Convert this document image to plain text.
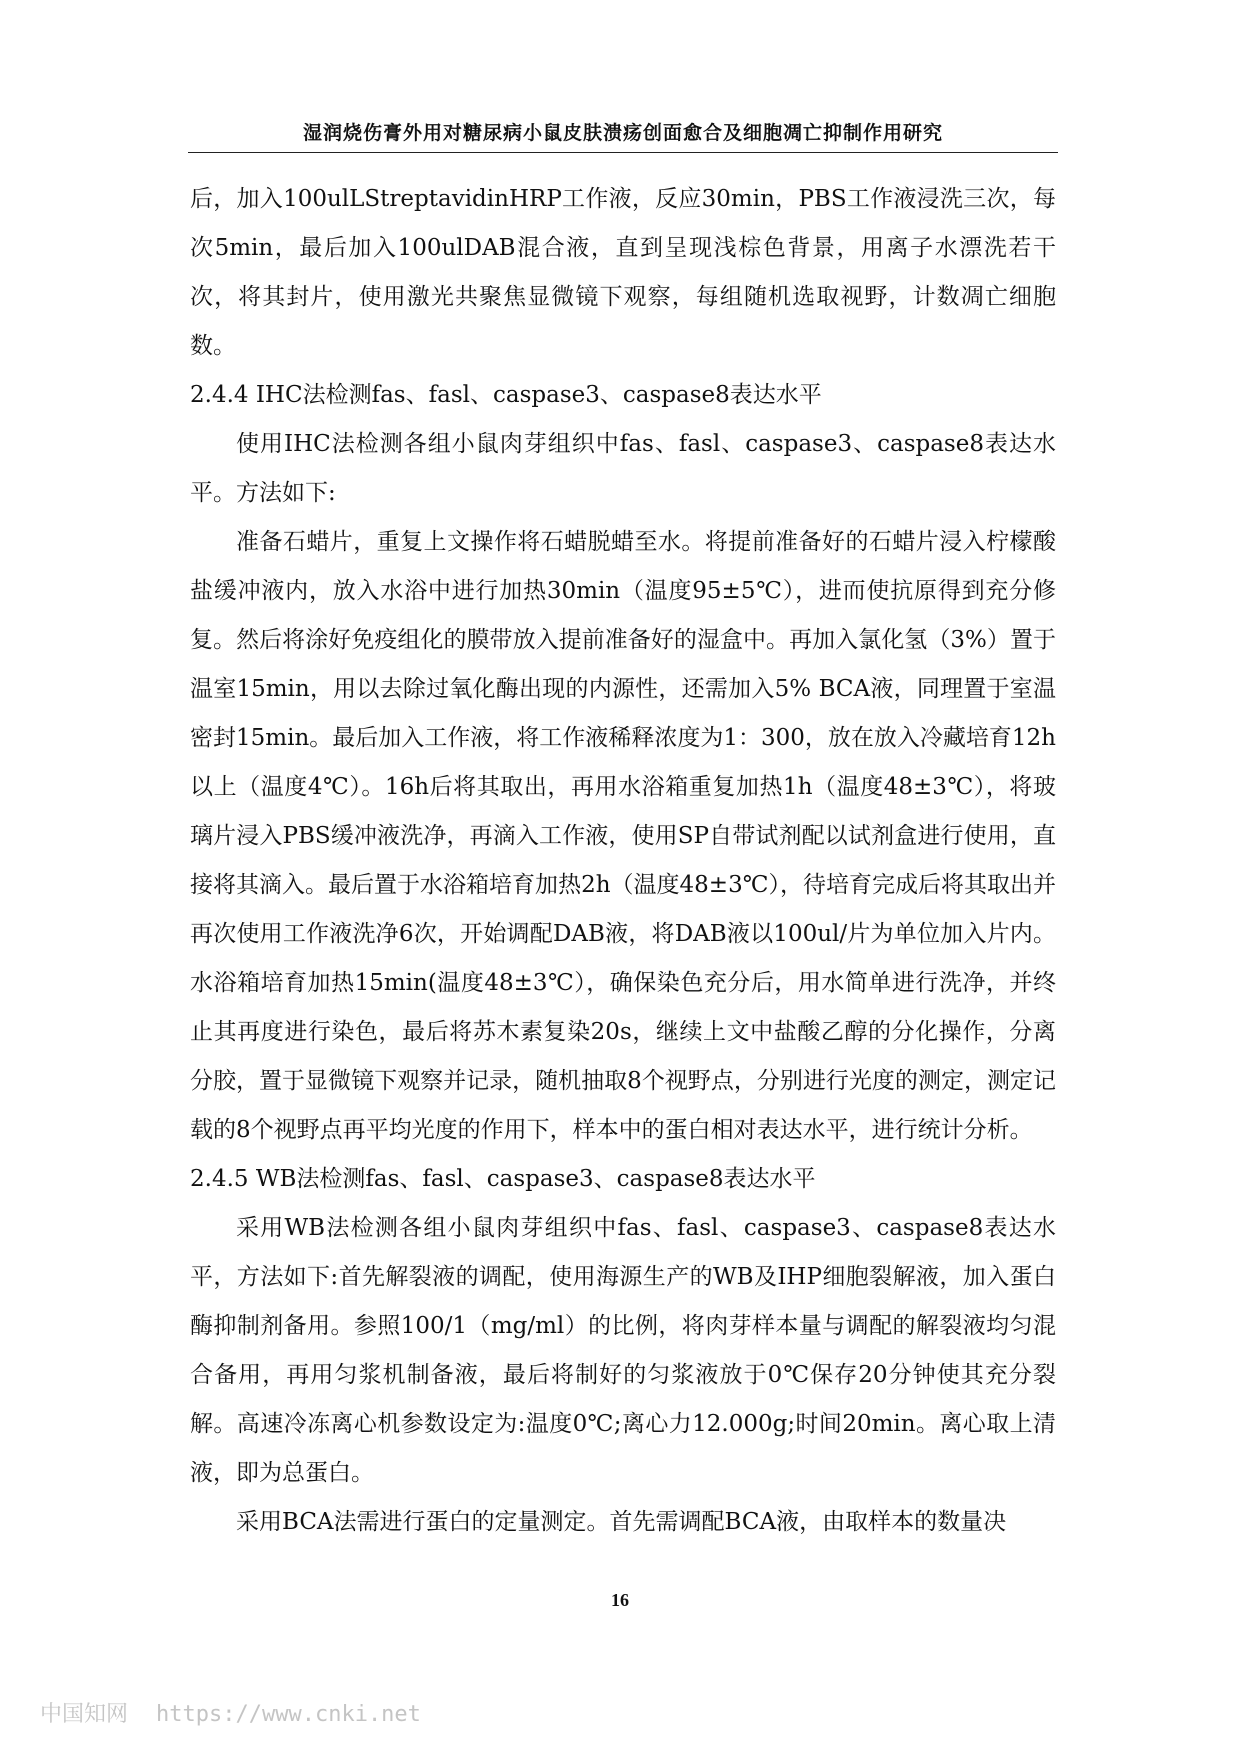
湿润烧伤膏外用对糖尿病小鼠皮肤溃疡创面愈合及细胞凋亡抑制作用研究

后，加入100ulLStreptavidinHRP工作液，反应30min，PBS工作液浸洗三次，每次5min，最后加入100ulDAB混合液，直到呈现浅棕色背景，用离子水漂洗若干次，将其封片，使用激光共聚焦显微镜下观察，每组随机选取视野，计数凋亡细胞数。

2.4.4 IHC法检测fas、fasl、caspase3、caspase8表达水平

使用IHC法检测各组小鼠肉芽组织中fas、fasl、caspase3、caspase8表达水平。方法如下:

准备石蜡片，重复上文操作将石蜡脱蜡至水。将提前准备好的石蜡片浸入柠檬酸盐缓冲液内，放入水浴中进行加热30min（温度95±5℃），进而使抗原得到充分修复。然后将涂好免疫组化的膜带放入提前准备好的湿盒中。再加入氯化氢（3%）置于温室15min，用以去除过氧化酶出现的内源性，还需加入5% BCA液，同理置于室温密封15min。最后加入工作液，将工作液稀释浓度为1：300，放在放入冷藏培育12h以上（温度4℃）。16h后将其取出，再用水浴箱重复加热1h（温度48±3℃），将玻璃片浸入PBS缓冲液洗净，再滴入工作液，使用SP自带试剂配以试剂盒进行使用，直接将其滴入。最后置于水浴箱培育加热2h（温度48±3℃），待培育完成后将其取出并再次使用工作液洗净6次，开始调配DAB液，将DAB液以100ul/片为单位加入片内。水浴箱培育加热15min(温度48±3℃），确保染色充分后，用水简单进行洗净，并终止其再度进行染色，最后将苏木素复染20s，继续上文中盐酸乙醇的分化操作，分离分胶，置于显微镜下观察并记录，随机抽取8个视野点，分别进行光度的测定，测定记载的8个视野点再平均光度的作用下，样本中的蛋白相对表达水平，进行统计分析。

2.4.5 WB法检测fas、fasl、caspase3、caspase8表达水平

采用WB法检测各组小鼠肉芽组织中fas、fasl、caspase3、caspase8表达水平，方法如下:首先解裂液的调配，使用海源生产的WB及IHP细胞裂解液，加入蛋白酶抑制剂备用。参照100/1（mg/ml）的比例，将肉芽样本量与调配的解裂液均匀混合备用，再用匀浆机制备液，最后将制好的匀浆液放于0℃保存20分钟使其充分裂解。高速冷冻离心机参数设定为:温度0℃;离心力12.000g;时间20min。离心取上清液，即为总蛋白。

采用BCA法需进行蛋白的定量测定。首先需调配BCA液，由取样本的数量决

16
中国知网 https://www.cnki.net
